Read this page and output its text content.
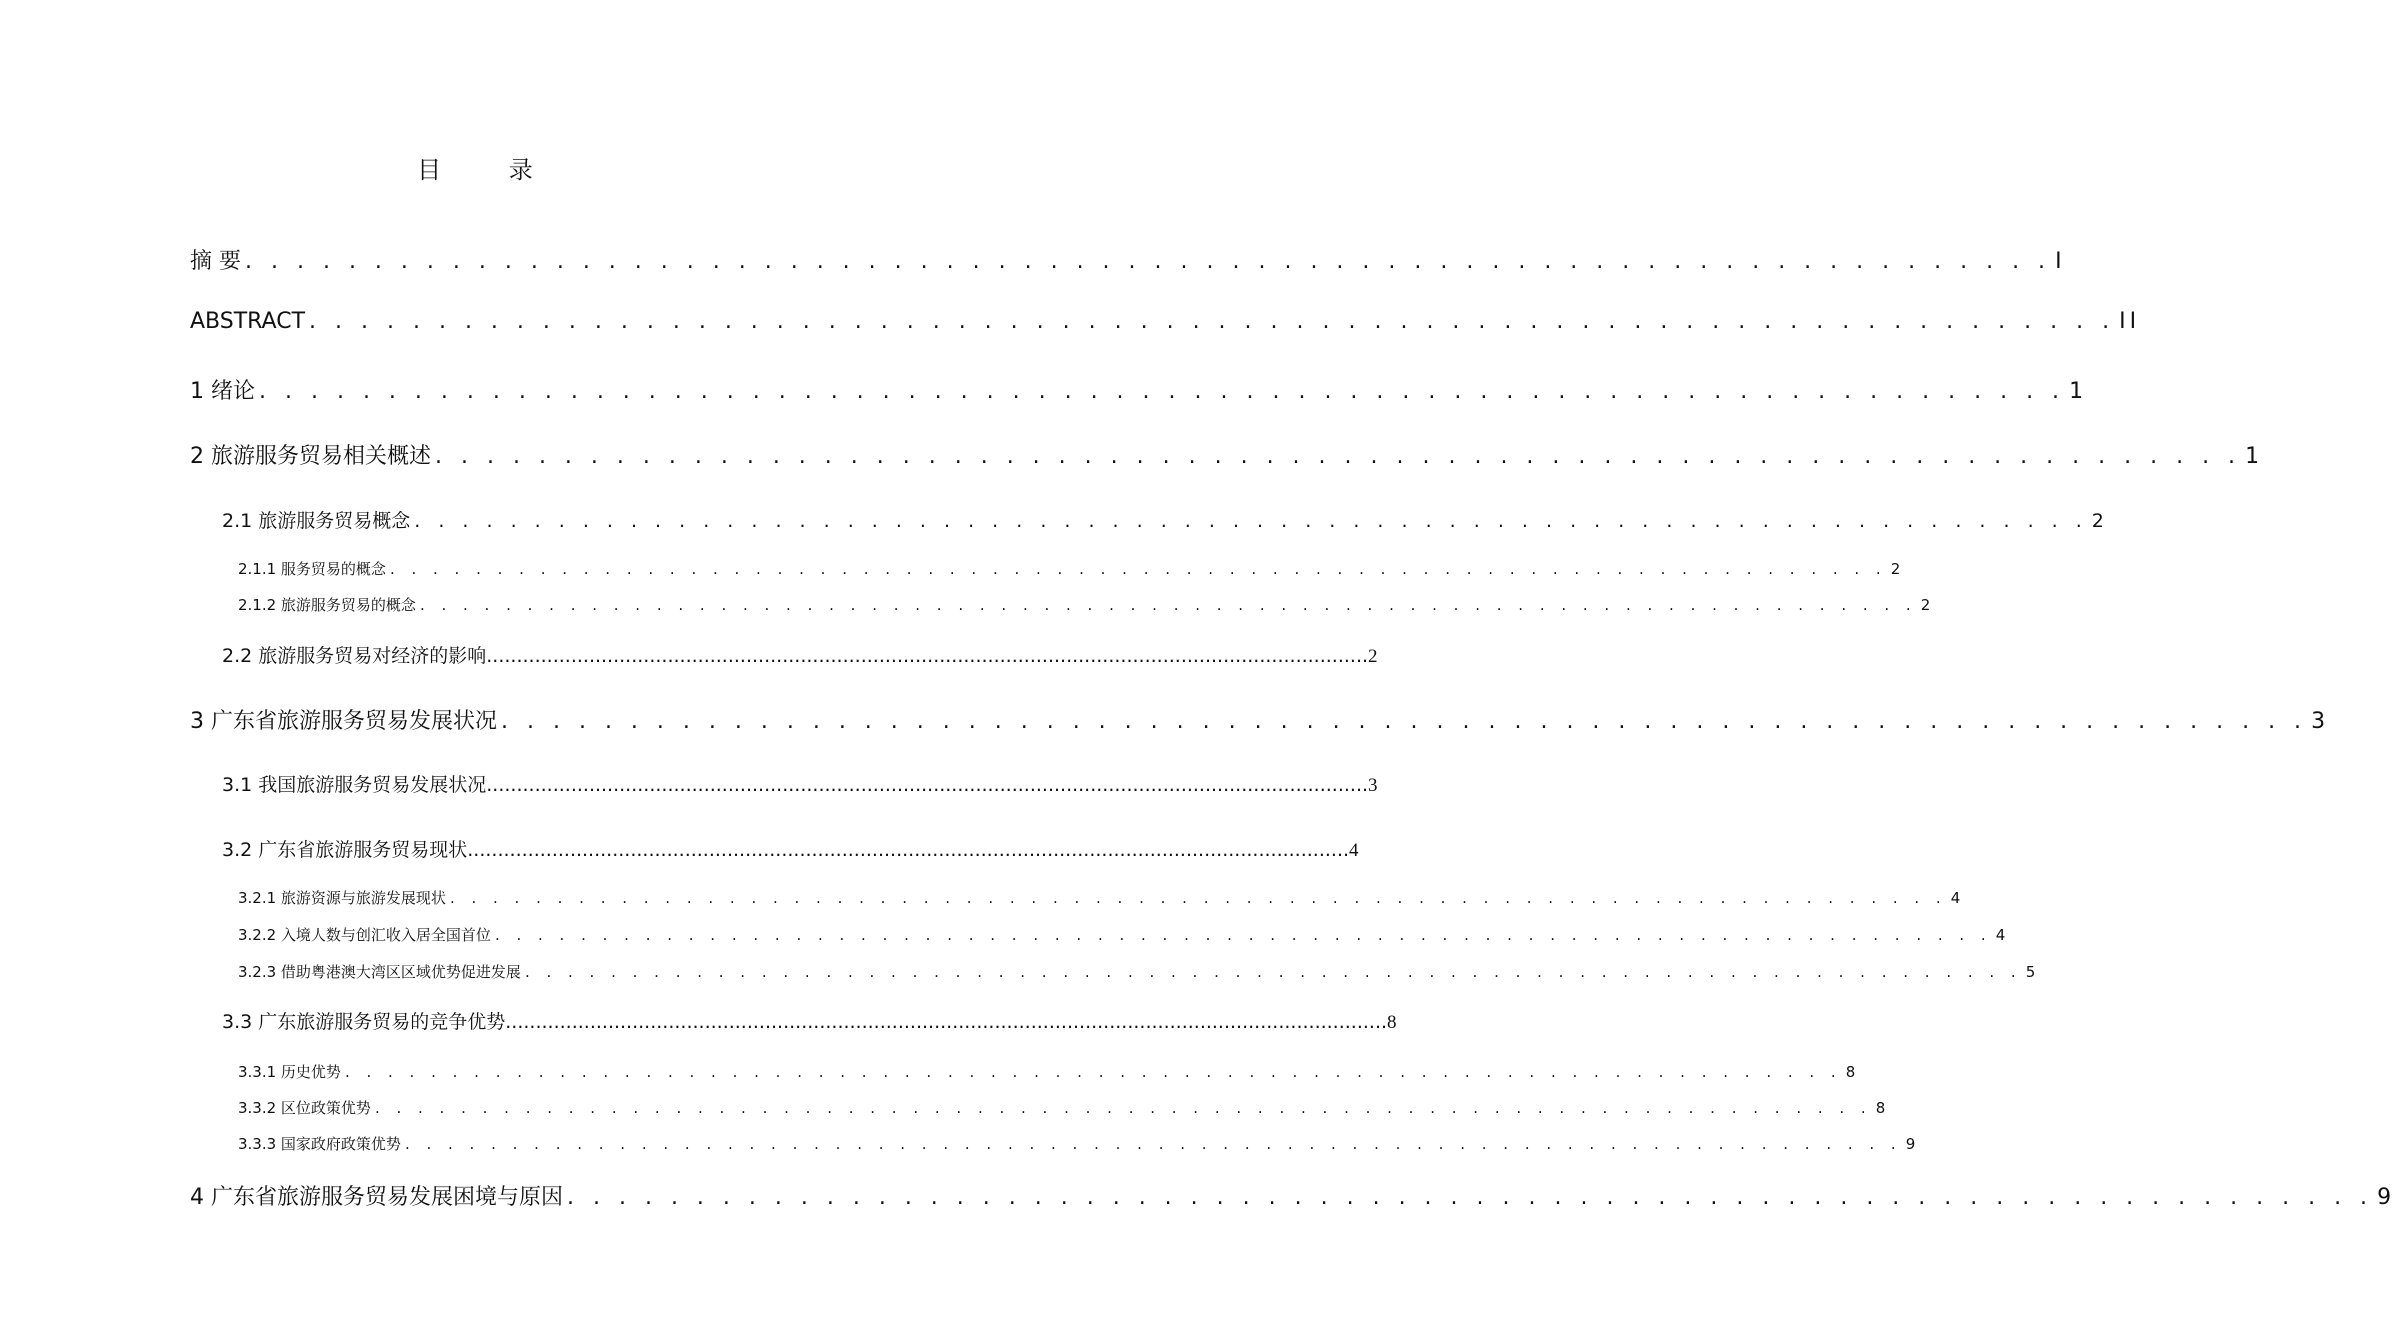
目 录
摘 要 . . . . . . . . . . . . . . . . . . . . . . . . . . . . . . . . . . . . . . . . . . . . . . . . . . . . . . . . . . . . . . . . . . . . . . I
ABSTRACT . . . . . . . . . . . . . . . . . . . . . . . . . . . . . . . . . . . . . . . . . . . . . . . . . . . . . . . . . . . . . . . . . . . . . . II
1 绪论 . . . . . . . . . . . . . . . . . . . . . . . . . . . . . . . . . . . . . . . . . . . . . . . . . . . . . . . . . . . . . . . . . . . . . . 1
2 旅游服务贸易相关概述 . . . . . . . . . . . . . . . . . . . . . . . . . . . . . . . . . . . . . . . . . . . . . . . . . . . . . . . . . . . . . . . . . . . . . . 1
2.1 旅游服务贸易概念 . . . . . . . . . . . . . . . . . . . . . . . . . . . . . . . . . . . . . . . . . . . . . . . . . . . . . . . . . . . . . . . . . . . . . . 2
2.1.1 服务贸易的概念 . . . . . . . . . . . . . . . . . . . . . . . . . . . . . . . . . . . . . . . . . . . . . . . . . . . . . . . . . . . . . . . . . . . . . . 2
2.1.2 旅游服务贸易的概念 . . . . . . . . . . . . . . . . . . . . . . . . . . . . . . . . . . . . . . . . . . . . . . . . . . . . . . . . . . . . . . . . . . . . . . 2
2.2 旅游服务贸易对经济的影响 .................................................................................................................................................. 2
3 广东省旅游服务贸易发展状况 . . . . . . . . . . . . . . . . . . . . . . . . . . . . . . . . . . . . . . . . . . . . . . . . . . . . . . . . . . . . . . . . . . . . . . 3
3.1 我国旅游服务贸易发展状况 .................................................................................................................................................. 3
3.2 广东省旅游服务贸易现状 .................................................................................................................................................. 4
3.2.1 旅游资源与旅游发展现状 . . . . . . . . . . . . . . . . . . . . . . . . . . . . . . . . . . . . . . . . . . . . . . . . . . . . . . . . . . . . . . . . . . . . . . 4
3.2.2 入境人数与创汇收入居全国首位 . . . . . . . . . . . . . . . . . . . . . . . . . . . . . . . . . . . . . . . . . . . . . . . . . . . . . . . . . . . . . . . . . . . . . . 4
3.2.3 借助粤港澳大湾区区域优势促进发展 . . . . . . . . . . . . . . . . . . . . . . . . . . . . . . . . . . . . . . . . . . . . . . . . . . . . . . . . . . . . . . . . . . . . . . 5
3.3 广东旅游服务贸易的竞争优势 .................................................................................................................................................. 8
3.3.1 历史优势 . . . . . . . . . . . . . . . . . . . . . . . . . . . . . . . . . . . . . . . . . . . . . . . . . . . . . . . . . . . . . . . . . . . . . . 8
3.3.2 区位政策优势 . . . . . . . . . . . . . . . . . . . . . . . . . . . . . . . . . . . . . . . . . . . . . . . . . . . . . . . . . . . . . . . . . . . . . . 8
3.3.3 国家政府政策优势 . . . . . . . . . . . . . . . . . . . . . . . . . . . . . . . . . . . . . . . . . . . . . . . . . . . . . . . . . . . . . . . . . . . . . . 9
4 广东省旅游服务贸易发展困境与原因 . . . . . . . . . . . . . . . . . . . . . . . . . . . . . . . . . . . . . . . . . . . . . . . . . . . . . . . . . . . . . . . . . . . . . . 9
